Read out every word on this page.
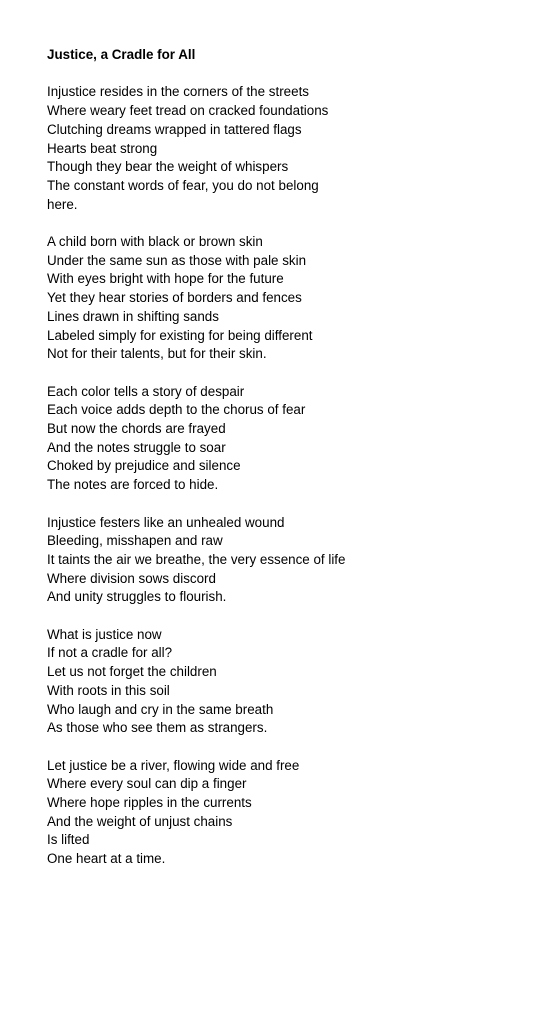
Justice, a Cradle for All
Injustice resides in the corners of the streets
Where weary feet tread on cracked foundations
Clutching dreams wrapped in tattered flags
Hearts beat strong
Though they bear the weight of whispers
The constant words of fear, you do not belong
here.
A child born with black or brown skin
Under the same sun as those with pale skin
With eyes bright with hope for the future
Yet they hear stories of borders and fences
Lines drawn in shifting sands
Labeled simply for existing for being different
Not for their talents, but for their skin.
Each color tells a story of despair
Each voice adds depth to the chorus of fear
But now the chords are frayed
And the notes struggle to soar
Choked by prejudice and silence
The notes are forced to hide.
Injustice festers like an unhealed wound
Bleeding, misshapen and raw
It taints the air we breathe, the very essence of life
Where division sows discord
And unity struggles to flourish.
What is justice now
If not a cradle for all?
Let us not forget the children
With roots in this soil
Who laugh and cry in the same breath
As those who see them as strangers.
Let justice be a river, flowing wide and free
Where every soul can dip a finger
Where hope ripples in the currents
And the weight of unjust chains
Is lifted
One heart at a time.
